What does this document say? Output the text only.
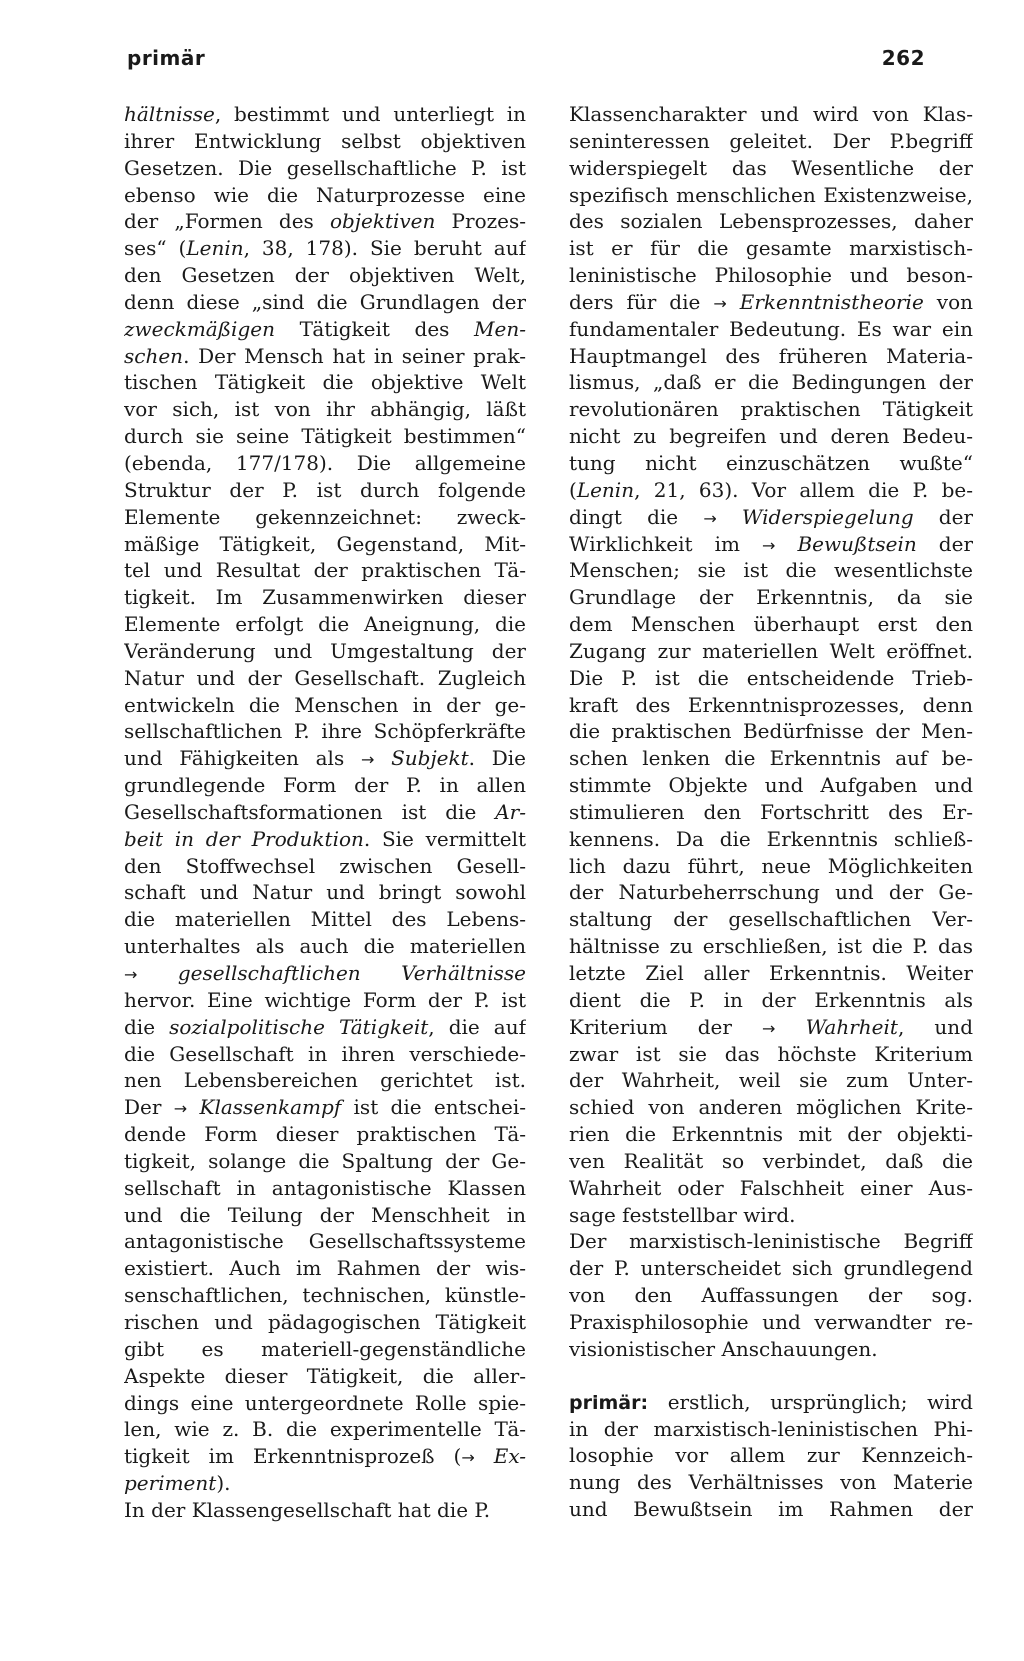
primär	262
hältnisse, bestimmt und unterliegt in
ihrer Entwicklung selbst objektiven
Gesetzen. Die gesellschaftliche P. ist
ebenso wie die Naturprozesse eine
der „Formen des objektiven Prozes-
ses“ (Lenin, 38, 178). Sie beruht auf
den Gesetzen der objektiven Welt,
denn diese „sind die Grundlagen der
zweckmäßigen Tätigkeit des Men-
schen. Der Mensch hat in seiner prak-
tischen Tätigkeit die objektive Welt
vor sich, ist von ihr abhängig, läßt
durch sie seine Tätigkeit bestimmen“
(ebenda, 177/178). Die allgemeine
Struktur der P. ist durch folgende
Elemente gekennzeichnet: zweck-
mäßige Tätigkeit, Gegenstand, Mit-
tel und Resultat der praktischen Tä-
tigkeit. Im Zusammenwirken dieser
Elemente erfolgt die Aneignung, die
Veränderung und Umgestaltung der
Natur und der Gesellschaft. Zugleich
entwickeln die Menschen in der ge-
sellschaftlichen P. ihre Schöpferkräfte
und Fähigkeiten als → Subjekt. Die
grundlegende Form der P. in allen
Gesellschaftsformationen ist die Ar-
beit in der Produktion. Sie vermittelt
den Stoffwechsel zwischen Gesell-
schaft und Natur und bringt sowohl
die materiellen Mittel des Lebens-
unterhaltes als auch die materiellen
→ gesellschaftlichen Verhältnisse
hervor. Eine wichtige Form der P. ist
die sozialpolitische Tätigkeit, die auf
die Gesellschaft in ihren verschiede-
nen Lebensbereichen gerichtet ist.
Der → Klassenkampf ist die entschei-
dende Form dieser praktischen Tä-
tigkeit, solange die Spaltung der Ge-
sellschaft in antagonistische Klassen
und die Teilung der Menschheit in
antagonistische Gesellschaftssysteme
existiert. Auch im Rahmen der wis-
senschaftlichen, technischen, künstle-
rischen und pädagogischen Tätigkeit
gibt es materiell-gegenständliche
Aspekte dieser Tätigkeit, die aller-
dings eine untergeordnete Rolle spie-
len, wie z. B. die experimentelle Tä-
tigkeit im Erkenntnisprozeß (→ Ex-
periment).
In der Klassengesellschaft hat die P.
Klassencharakter und wird von Klas-
seninteressen geleitet. Der P.begriff
widerspiegelt das Wesentliche der
spezifisch menschlichen Existenzweise,
des sozialen Lebensprozesses, daher
ist er für die gesamte marxistisch-
leninistische Philosophie und beson-
ders für die → Erkenntnistheorie von
fundamentaler Bedeutung. Es war ein
Hauptmangel des früheren Materia-
lismus, „daß er die Bedingungen der
revolutionären praktischen Tätigkeit
nicht zu begreifen und deren Bedeu-
tung nicht einzuschätzen wußte“
(Lenin, 21, 63). Vor allem die P. be-
dingt die → Widerspiegelung der
Wirklichkeit im → Bewußtsein der
Menschen; sie ist die wesentlichste
Grundlage der Erkenntnis, da sie
dem Menschen überhaupt erst den
Zugang zur materiellen Welt eröffnet.
Die P. ist die entscheidende Trieb-
kraft des Erkenntnisprozesses, denn
die praktischen Bedürfnisse der Men-
schen lenken die Erkenntnis auf be-
stimmte Objekte und Aufgaben und
stimulieren den Fortschritt des Er-
kennens. Da die Erkenntnis schließ-
lich dazu führt, neue Möglichkeiten
der Naturbeherrschung und der Ge-
staltung der gesellschaftlichen Ver-
hältnisse zu erschließen, ist die P. das
letzte Ziel aller Erkenntnis. Weiter
dient die P. in der Erkenntnis als
Kriterium der → Wahrheit, und
zwar ist sie das höchste Kriterium
der Wahrheit, weil sie zum Unter-
schied von anderen möglichen Krite-
rien die Erkenntnis mit der objekti-
ven Realität so verbindet, daß die
Wahrheit oder Falschheit einer Aus-
sage feststellbar wird.
Der marxistisch-leninistische Begriff
der P. unterscheidet sich grundlegend
von den Auffassungen der sog.
Praxisphilosophie und verwandter re-
visionistischer Anschauungen.
primär: erstlich, ursprünglich; wird
in der marxistisch-leninistischen Phi-
losophie vor allem zur Kennzeich-
nung des Verhältnisses von Materie
und Bewußtsein im Rahmen der
